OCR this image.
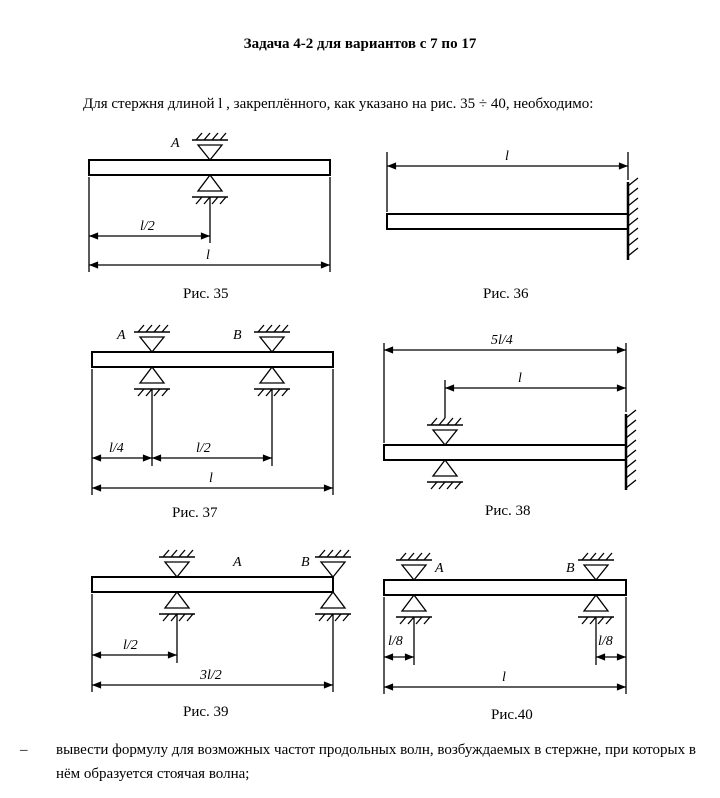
Задача 4-2 для вариантов с 7 по 17
Для стержня длиной l , закреплённого, как указано на рис. 35 ÷ 40, необходимо:
A
l/2
l
l
A	B
l/4	l/2
l
5l/4
l
A	B
l/2
3l/2
A	B
l/8	l/8
l
Рис. 35	Рис. 36
Рис. 37	Рис. 38
Рис. 39	Рис.40
– вывести формулу для возможных частот продольных волн, возбуждаемых в стержне, при которых в нём образуется стоячая волна;
